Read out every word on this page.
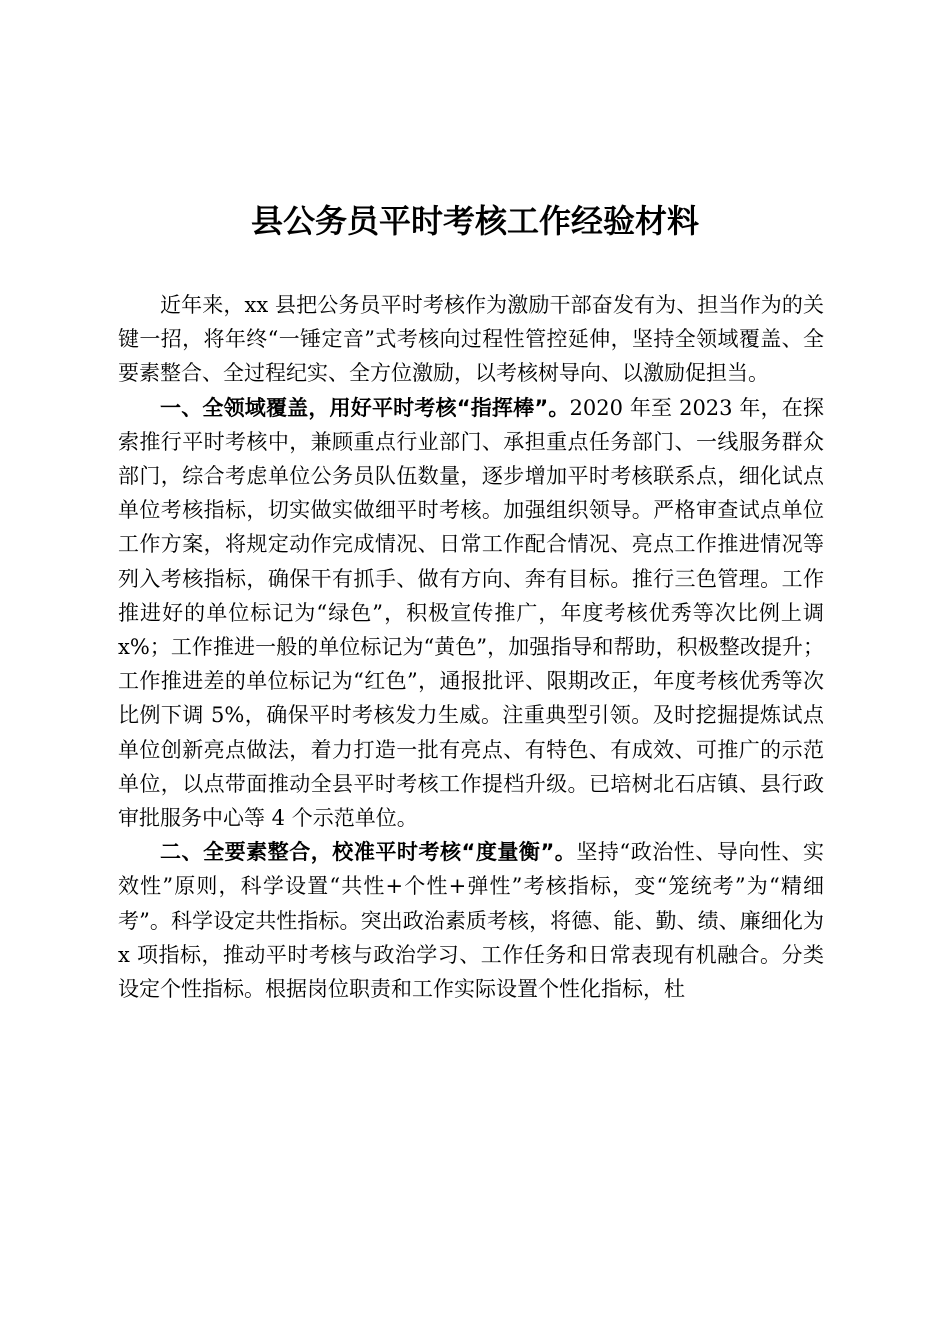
县公务员平时考核工作经验材料

近年来，xx 县把公务员平时考核作为激励干部奋发有为、担当作为的关键一招，将年终“一锤定音”式考核向过程性管控延伸，坚持全领域覆盖、全要素整合、全过程纪实、全方位激励，以考核树导向、以激励促担当。

一、全领域覆盖，用好平时考核“指挥棒”。2020 年至 2023 年，在探索推行平时考核中，兼顾重点行业部门、承担重点任务部门、一线服务群众部门，综合考虑单位公务员队伍数量，逐步增加平时考核联系点，细化试点单位考核指标，切实做实做细平时考核。加强组织领导。严格审查试点单位工作方案，将规定动作完成情况、日常工作配合情况、亮点工作推进情况等列入考核指标，确保干有抓手、做有方向、奔有目标。推行三色管理。工作推进好的单位标记为“绿色”，积极宣传推广，年度考核优秀等次比例上调 x%；工作推进一般的单位标记为“黄色”，加强指导和帮助，积极整改提升；工作推进差的单位标记为“红色”，通报批评、限期改正，年度考核优秀等次比例下调 5%，确保平时考核发力生威。注重典型引领。及时挖掘提炼试点单位创新亮点做法，着力打造一批有亮点、有特色、有成效、可推广的示范单位，以点带面推动全县平时考核工作提档升级。已培树北石店镇、县行政审批服务中心等 4 个示范单位。

二、全要素整合，校准平时考核“度量衡”。坚持“政治性、导向性、实效性”原则，科学设置“共性+个性+弹性”考核指标，变“笼统考”为“精细考”。科学设定共性指标。突出政治素质考核，将德、能、勤、绩、廉细化为 x 项指标，推动平时考核与政治学习、工作任务和日常表现有机融合。分类设定个性指标。根据岗位职责和工作实际设置个性化指标，杜
